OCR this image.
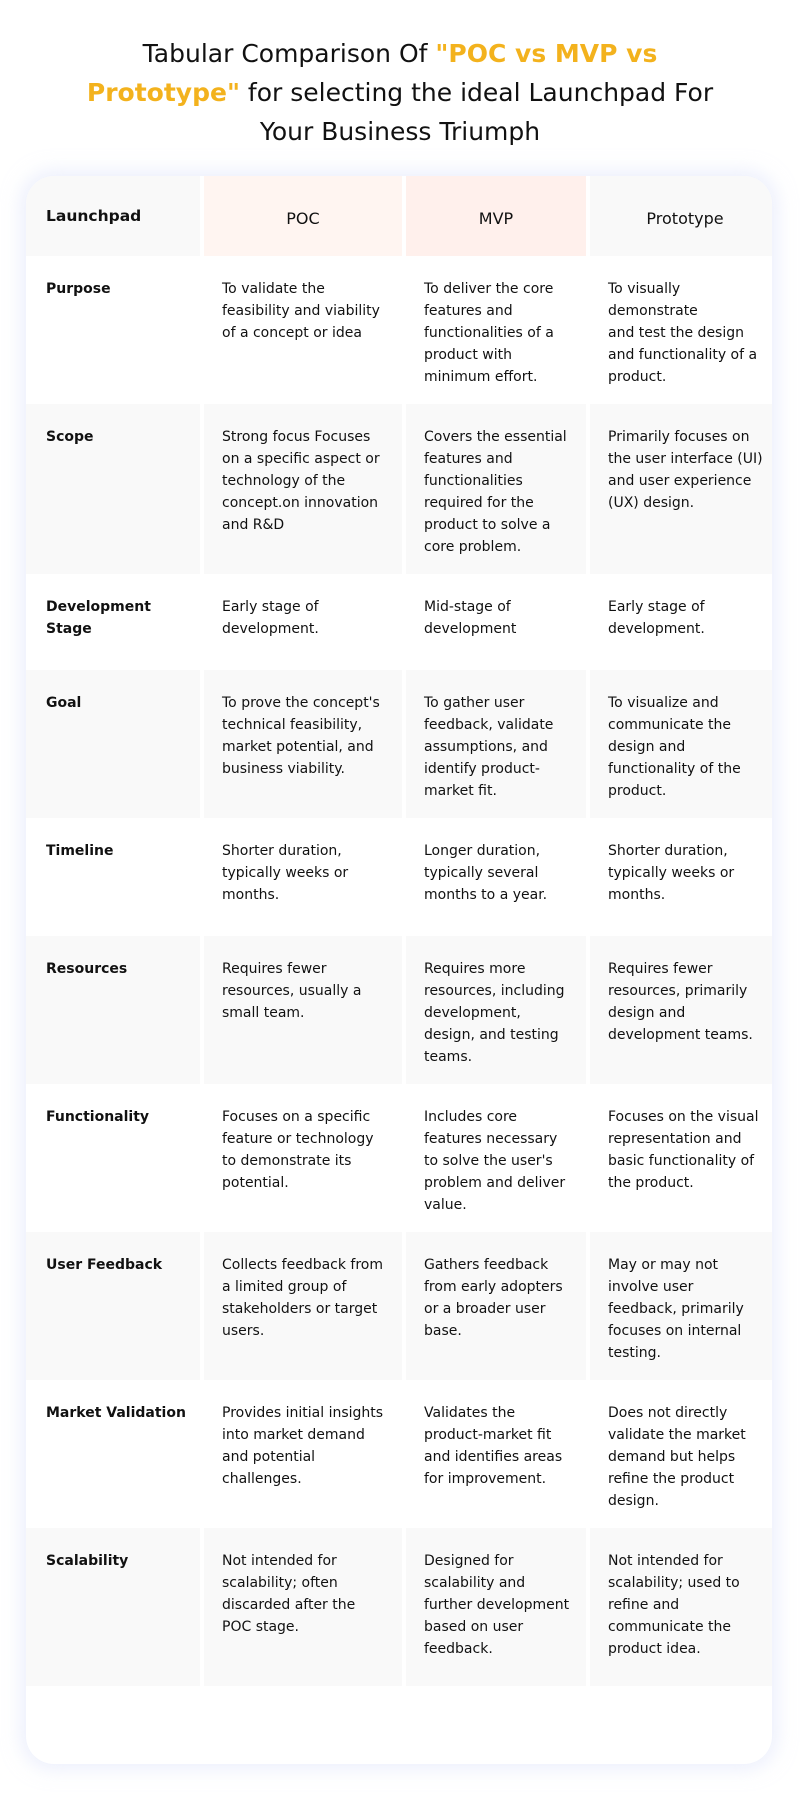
Tabular Comparison Of "POC vs MVP vs Prototype" for selecting the ideal Launchpad For Your Business Triumph
Launchpad	POC	MVP	Prototype
Purpose	To validate the feasibility and viability of a concept or idea	To deliver the core features and functionalities of a product with minimum effort.	To visually demonstrate
and test the design and functionality of a product.
Scope	Strong focus Focuses on a specific aspect or technology of the concept.on innovation and R&D	Covers the essential features and functionalities required for the product to solve a core problem.	Primarily focuses on the user interface (UI) and user experience (UX) design.
Development Stage	Early stage of development.	Mid-stage of development	Early stage of development.
Goal	To prove the concept's technical feasibility, market potential, and business viability.	To gather user feedback, validate assumptions, and identify product-market fit.	To visualize and communicate the design and functionality of the product.
Timeline	Shorter duration, typically weeks or months.	Longer duration, typically several months to a year.	Shorter duration, typically weeks or months.
Resources	Requires fewer resources, usually a small team.	Requires more resources, including development, design, and testing teams.	Requires fewer resources, primarily design and development teams.
Functionality	Focuses on a specific feature or technology to demonstrate its potential.	Includes core features necessary to solve the user's problem and deliver value.	Focuses on the visual representation and basic functionality of the product.
User Feedback	Collects feedback from a limited group of stakeholders or target users.	Gathers feedback from early adopters or a broader user base.	May or may not involve user feedback, primarily focuses on internal testing.
Market Validation	Provides initial insights into market demand and potential challenges.	Validates the product-market fit and identifies areas for improvement.	Does not directly validate the market demand but helps refine the product design.
Scalability	Not intended for scalability; often discarded after the POC stage.	Designed for scalability and further development based on user feedback.	Not intended for scalability; used to refine and communicate the product idea.
